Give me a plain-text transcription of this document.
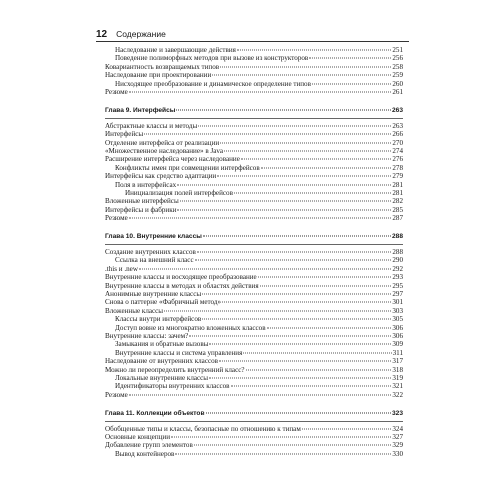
12 Содержание
Наследование и завершающие действия	251
Поведение полиморфных методов при вызове из конструкторов	256
Ковариантность возвращаемых типов	258
Наследование при проектировании	259
Нисходящее преобразование и динамическое определение типов	260
Резюме	261
Глава 9. Интерфейсы	263
Абстрактные классы и методы	263
Интерфейсы	266
Отделение интерфейса от реализации	270
«Множественное наследование» в Java	274
Расширение интерфейса через наследование	276
Конфликты имен при совмещении интерфейсов	278
Интерфейсы как средство адаптации	279
Поля в интерфейсах	281
Инициализация полей интерфейсов	281
Вложенные интерфейсы	282
Интерфейсы и фабрики	285
Резюме	287
Глава 10. Внутренние классы	288
Создание внутренних классов	288
Ссылка на внешний класс	290
.this и .new	292
Внутренние классы и восходящее преобразование	293
Внутренние классы в методах и областях действия	295
Анонимные внутренние классы	297
Снова о паттерне «Фабричный метод»	301
Вложенные классы	303
Классы внутри интерфейсов	305
Доступ вовне из многократно вложенных классов	306
Внутренние классы: зачем?	306
Замыкания и обратные вызовы	309
Внутренние классы и система управления	311
Наследование от внутренних классов	317
Можно ли переопределить внутренний класс?	318
Локальные внутренние классы	319
Идентификаторы внутренних классов	321
Резюме	322
Глава 11. Коллекции объектов	323
Обобщенные типы и классы, безопасные по отношению к типам	324
Основные концепции	327
Добавление групп элементов	329
Вывод контейнеров	330
